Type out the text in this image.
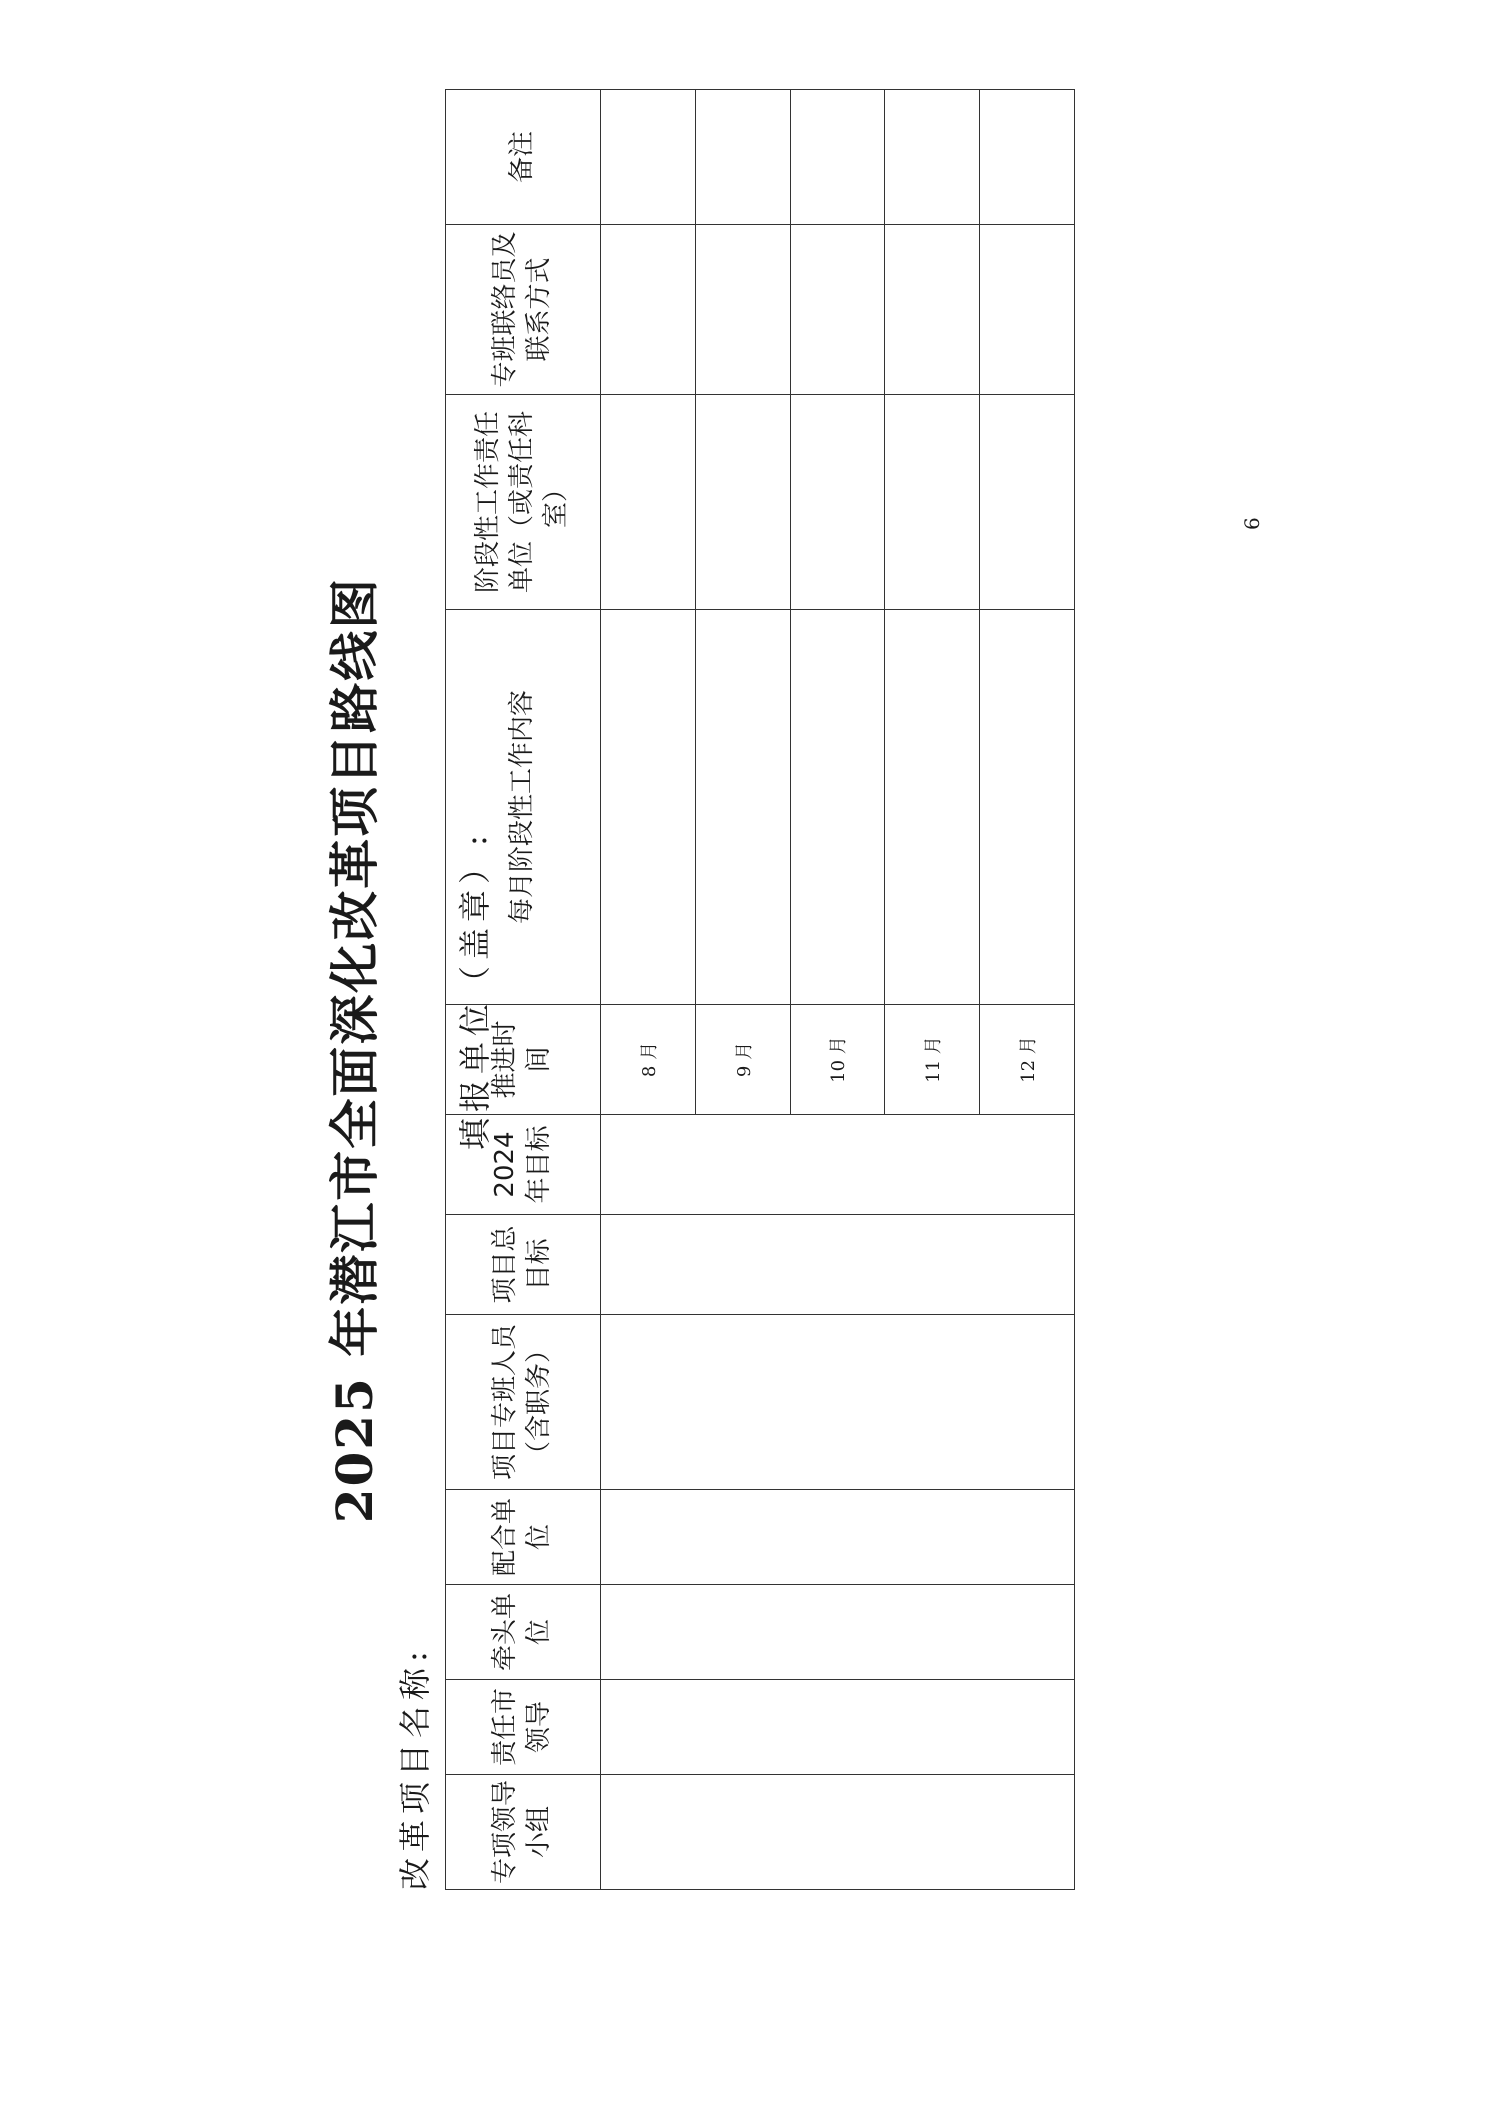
2025 年潜江市全面深化改革项目路线图
改革项目名称:
填报单位（盖章）:
专项领导小组	责任市领导	牵头单位	配合单位	项目专班人员（含职务）	项目总目标	2024 年目标	推进时间	每月阶段性工作内容	阶段性工作责任单位（或责任科室）	专班联络员及联系方式	备注
							8 月				
							9 月				
							10 月				
							11 月				
							12 月				
6
